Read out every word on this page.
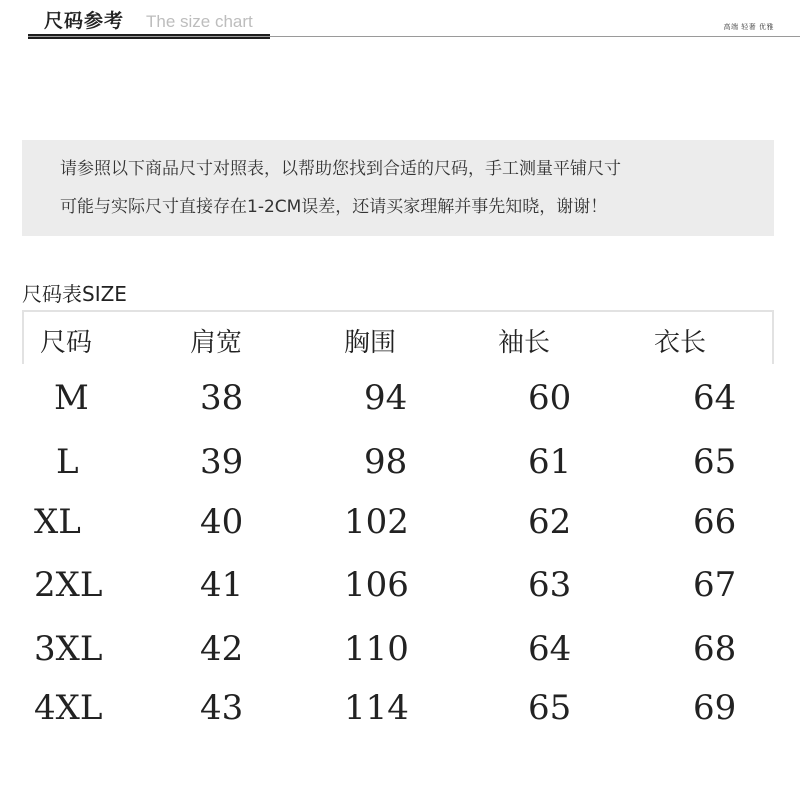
尺码参考 The size chart	高端 轻奢 优雅
请参照以下商品尺寸对照表，以帮助您找到合适的尺码，手工测量平铺尺寸
可能与实际尺寸直接存在1-2CM误差，还请买家理解并事先知晓，谢谢！
尺码表SIZE
尺码	肩宽	胸围	袖长	衣长
M	38	94	60	64
L	39	98	61	65
XL	40	102	62	66
2XL	41	106	63	67
3XL	42	110	64	68
4XL	43	114	65	69
